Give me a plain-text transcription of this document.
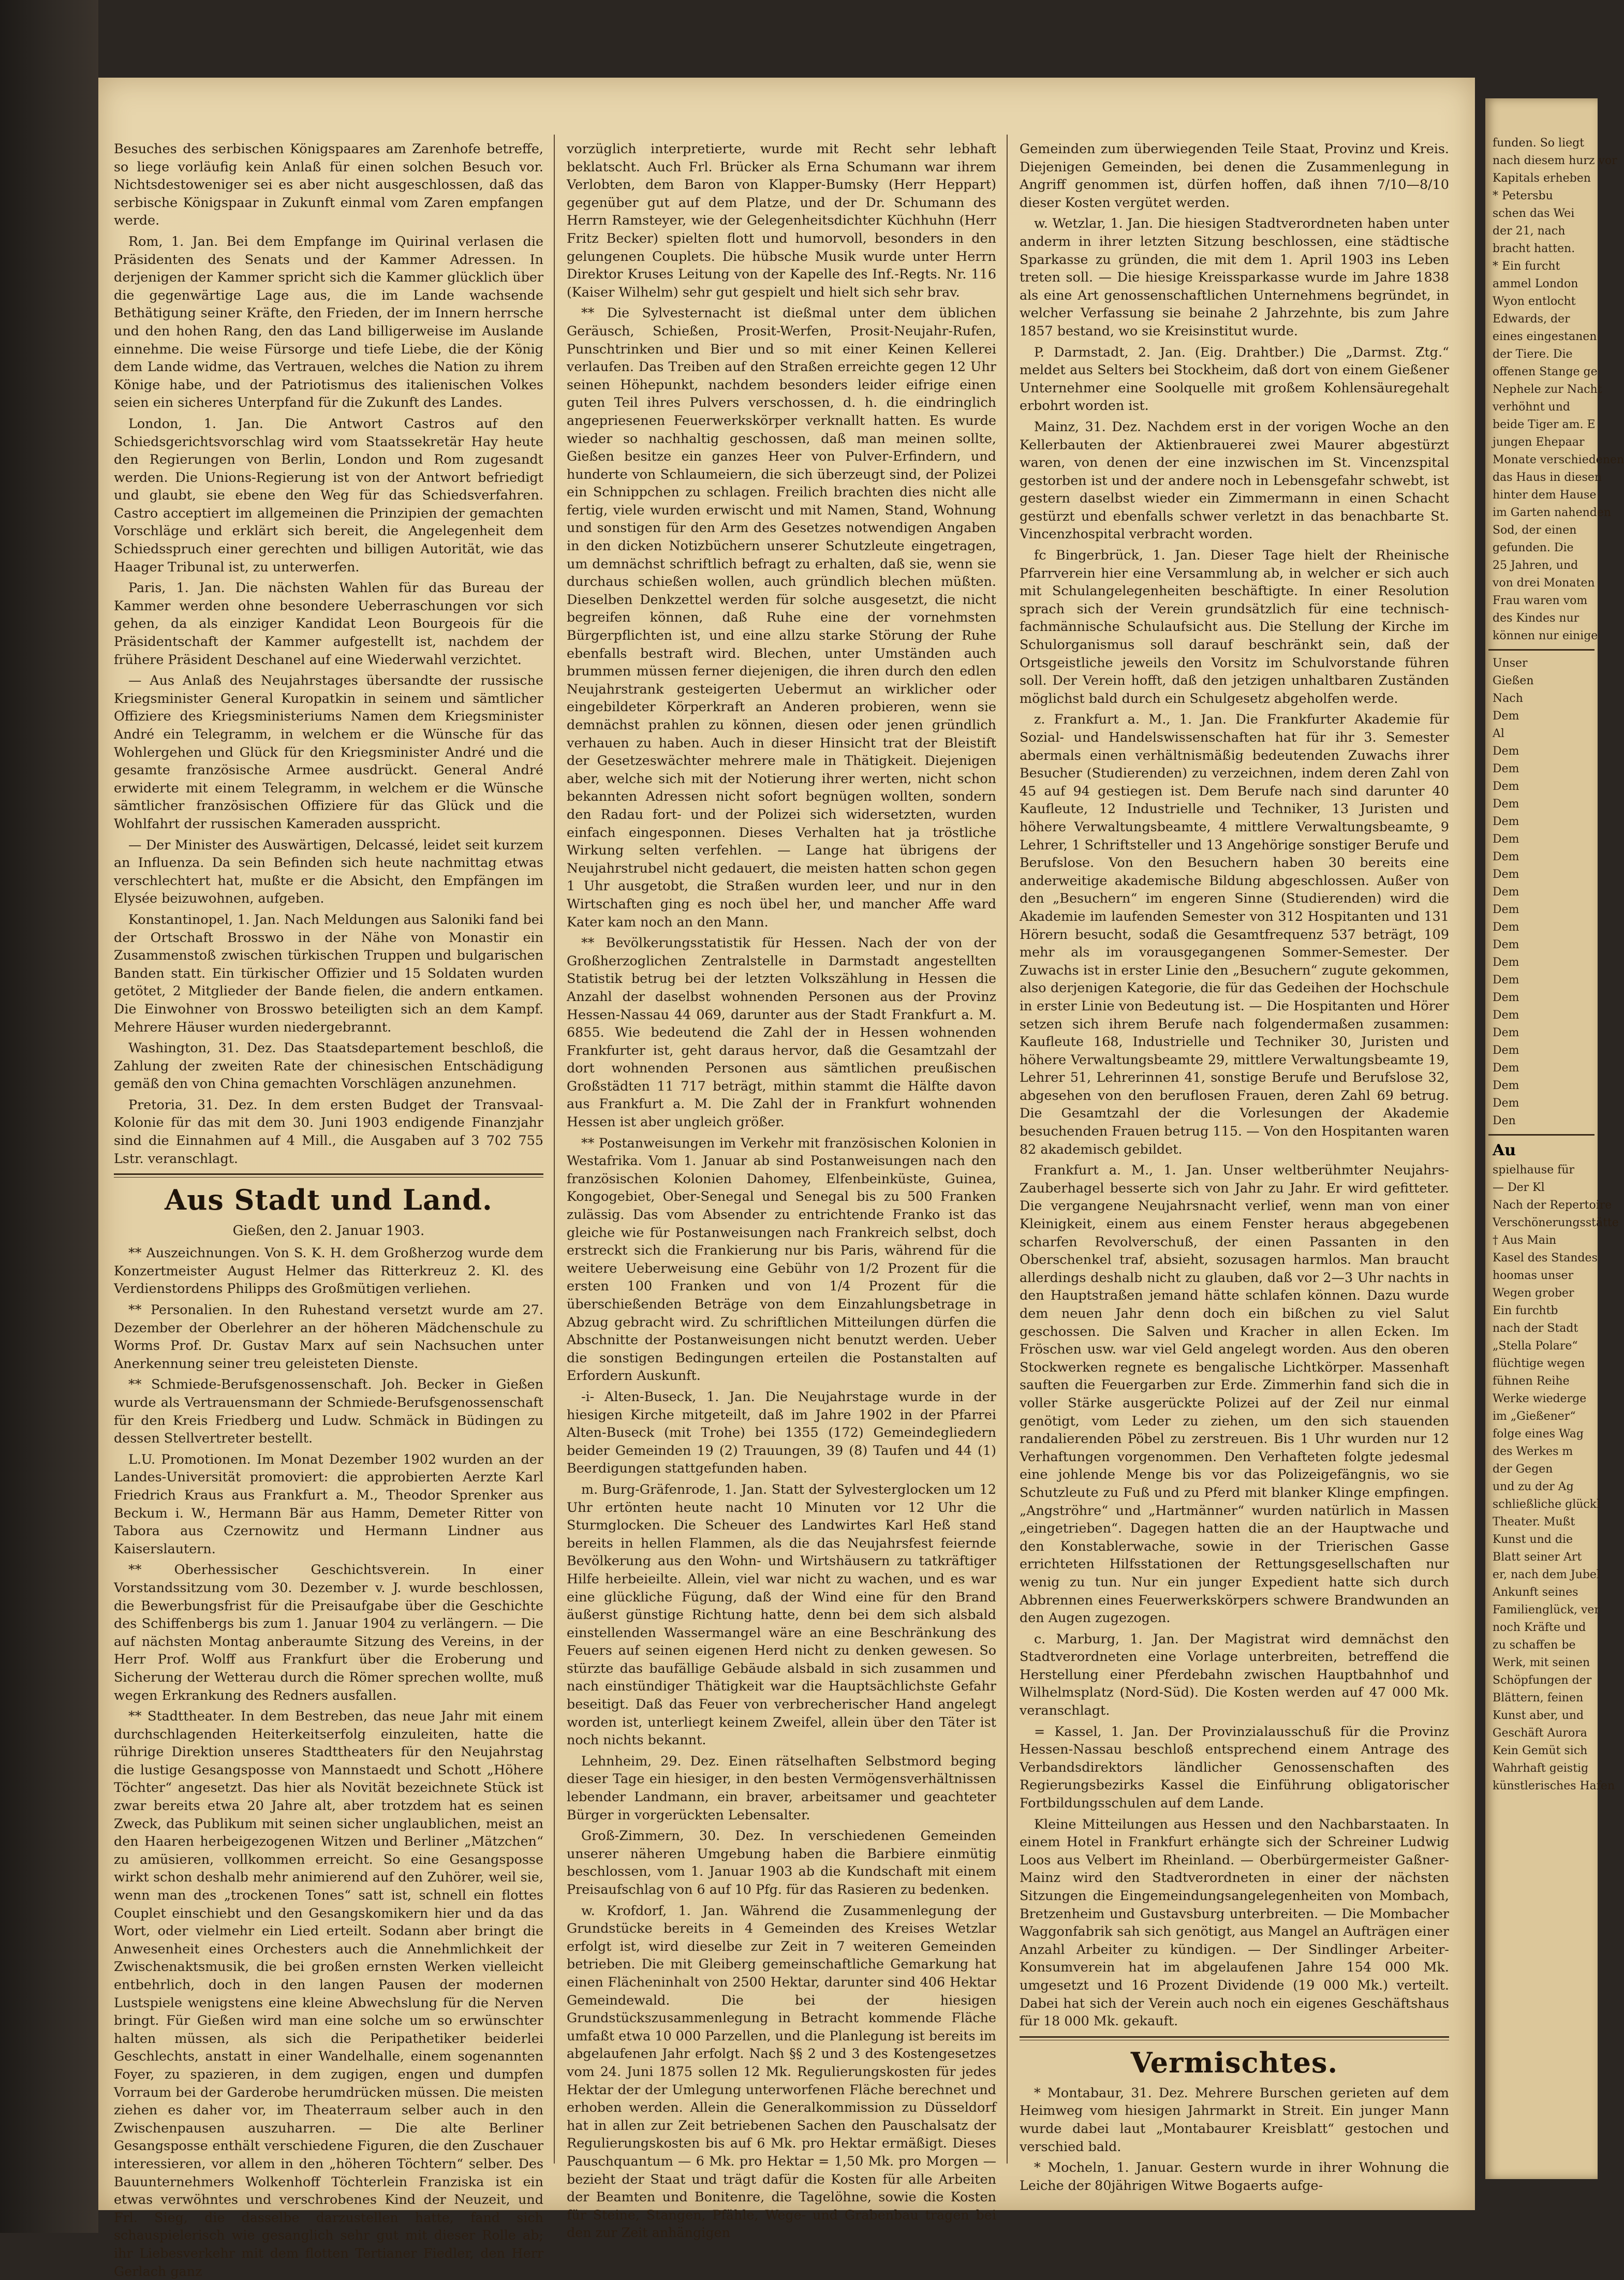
Besuches des serbischen Königspaares am Zarenhofe betreffe, so liege vorläufig kein Anlaß für einen solchen Besuch vor. Nichtsdestoweniger sei es aber nicht ausgeschlossen, daß das serbische Königspaar in Zukunft einmal vom Zaren empfangen werde.

Rom, 1. Jan. Bei dem Empfange im Quirinal verlasen die Präsidenten des Senats und der Kammer Adressen. In derjenigen der Kammer spricht sich die Kammer glücklich über die gegenwärtige Lage aus, die im Lande wachsende Bethätigung seiner Kräfte, den Frieden, der im Innern herrsche und den hohen Rang, den das Land billigerweise im Auslande einnehme. Die weise Fürsorge und tiefe Liebe, die der König dem Lande widme, das Vertrauen, welches die Nation zu ihrem Könige habe, und der Patriotismus des italienischen Volkes seien ein sicheres Unterpfand für die Zukunft des Landes.

London, 1. Jan. Die Antwort Castros auf den Schiedsgerichtsvorschlag wird vom Staatssekretär Hay heute den Regierungen von Berlin, London und Rom zugesandt werden. Die Unions-Regierung ist von der Antwort befriedigt und glaubt, sie ebene den Weg für das Schiedsverfahren. Castro acceptiert im allgemeinen die Prinzipien der gemachten Vorschläge und erklärt sich bereit, die Angelegenheit dem Schiedsspruch einer gerechten und billigen Autorität, wie das Haager Tribunal ist, zu unterwerfen.

Paris, 1. Jan. Die nächsten Wahlen für das Bureau der Kammer werden ohne besondere Ueberraschungen vor sich gehen, da als einziger Kandidat Leon Bourgeois für die Präsidentschaft der Kammer aufgestellt ist, nachdem der frühere Präsident Deschanel auf eine Wiederwahl verzichtet.

— Aus Anlaß des Neujahrstages übersandte der russische Kriegsminister General Kuropatkin in seinem und sämtlicher Offiziere des Kriegsministeriums Namen dem Kriegsminister André ein Telegramm, in welchem er die Wünsche für das Wohlergehen und Glück für den Kriegsminister André und die gesamte französische Armee ausdrückt. General André erwiderte mit einem Telegramm, in welchem er die Wünsche sämtlicher französischen Offiziere für das Glück und die Wohlfahrt der russischen Kameraden ausspricht.

— Der Minister des Auswärtigen, Delcassé, leidet seit kurzem an Influenza. Da sein Befinden sich heute nachmittag etwas verschlechtert hat, mußte er die Absicht, den Empfängen im Elysée beizuwohnen, aufgeben.

Konstantinopel, 1. Jan. Nach Meldungen aus Saloniki fand bei der Ortschaft Brosswo in der Nähe von Monastir ein Zusammenstoß zwischen türkischen Truppen und bulgarischen Banden statt. Ein türkischer Offizier und 15 Soldaten wurden getötet, 2 Mitglieder der Bande fielen, die andern entkamen. Die Einwohner von Brosswo beteiligten sich an dem Kampf. Mehrere Häuser wurden niedergebrannt.

Washington, 31. Dez. Das Staatsdepartement beschloß, die Zahlung der zweiten Rate der chinesischen Entschädigung gemäß den von China gemachten Vorschlägen anzunehmen.

Pretoria, 31. Dez. In dem ersten Budget der Transvaal-Kolonie für das mit dem 30. Juni 1903 endigende Finanzjahr sind die Einnahmen auf 4 Mill., die Ausgaben auf 3 702 755 Lstr. veranschlagt.

Aus Stadt und Land.
Gießen, den 2. Januar 1903.

** Auszeichnungen. Von S. K. H. dem Großherzog wurde dem Konzertmeister August Helmer das Ritterkreuz 2. Kl. des Verdienstordens Philipps des Großmütigen verliehen.

** Personalien. In den Ruhestand versetzt wurde am 27. Dezember der Oberlehrer an der höheren Mädchenschule zu Worms Prof. Dr. Gustav Marx auf sein Nachsuchen unter Anerkennung seiner treu geleisteten Dienste.

** Schmiede-Berufsgenossenschaft. Joh. Becker in Gießen wurde als Vertrauensmann der Schmiede-Berufsgenossenschaft für den Kreis Friedberg und Ludw. Schmäck in Büdingen zu dessen Stellvertreter bestellt.

L.U. Promotionen. Im Monat Dezember 1902 wurden an der Landes-Universität promoviert: die approbierten Aerzte Karl Friedrich Kraus aus Frankfurt a. M., Theodor Sprenker aus Beckum i. W., Hermann Bär aus Hamm, Demeter Ritter von Tabora aus Czernowitz und Hermann Lindner aus Kaiserslautern.

** Oberhessischer Geschichtsverein. In einer Vorstandssitzung vom 30. Dezember v. J. wurde beschlossen, die Bewerbungsfrist für die Preisaufgabe über die Geschichte des Schiffenbergs bis zum 1. Januar 1904 zu verlängern. — Die auf nächsten Montag anberaumte Sitzung des Vereins, in der Herr Prof. Wolff aus Frankfurt über die Eroberung und Sicherung der Wetterau durch die Römer sprechen wollte, muß wegen Erkrankung des Redners ausfallen.

** Stadttheater. In dem Bestreben, das neue Jahr mit einem durchschlagenden Heiterkeitserfolg einzuleiten, hatte die rührige Direktion unseres Stadttheaters für den Neujahrstag die lustige Gesangsposse von Mannstaedt und Schott „Höhere Töchter“ angesetzt. Das hier als Novität bezeichnete Stück ist zwar bereits etwa 20 Jahre alt, aber trotzdem hat es seinen Zweck, das Publikum mit seinen sicher unglaublichen, meist an den Haaren herbeigezogenen Witzen und Berliner „Mätzchen“ zu amüsieren, vollkommen erreicht. So eine Gesangsposse wirkt schon deshalb mehr animierend auf den Zuhörer, weil sie, wenn man des „trockenen Tones“ satt ist, schnell ein flottes Couplet einschiebt und den Gesangskomikern hier und da das Wort, oder vielmehr ein Lied erteilt. Sodann aber bringt die Anwesenheit eines Orchesters auch die Annehmlichkeit der Zwischenaktsmusik, die bei großen ernsten Werken vielleicht entbehrlich, doch in den langen Pausen der modernen Lustspiele wenigstens eine kleine Abwechslung für die Nerven bringt. Für Gießen wird man eine solche um so erwünschter halten müssen, als sich die Peripathetiker beiderlei Geschlechts, anstatt in einer Wandelhalle, einem sogenannten Foyer, zu spazieren, in dem zugigen, engen und dumpfen Vorraum bei der Garderobe herumdrücken müssen. Die meisten ziehen es daher vor, im Theaterraum selber auch in den Zwischenpausen auszuharren. — Die alte Berliner Gesangsposse enthält verschiedene Figuren, die den Zuschauer interessieren, vor allem in den „höheren Töchtern“ selber. Des Bauunternehmers Wolkenhoff Töchterlein Franziska ist ein etwas verwöhntes und verschrobenes Kind der Neuzeit, und Frl. Sieg, die dasselbe darzustellen hatte, fand sich schauspielerisch wie gesanglich sehr gut mit dieser Rolle ab; ihr Liebesverkehr mit dem flotten Tertianer Fiedler, den Herr Gerlach ganz

vorzüglich interpretierte, wurde mit Recht sehr lebhaft beklatscht. Auch Frl. Brücker als Erna Schumann war ihrem Verlobten, dem Baron von Klapper-Bumsky (Herr Heppart) gegenüber gut auf dem Platze, und der Dr. Schumann des Herrn Ramsteyer, wie der Gelegenheitsdichter Küchhuhn (Herr Fritz Becker) spielten flott und humorvoll, besonders in den gelungenen Couplets. Die hübsche Musik wurde unter Herrn Direktor Kruses Leitung von der Kapelle des Inf.-Regts. Nr. 116 (Kaiser Wilhelm) sehr gut gespielt und hielt sich sehr brav.

** Die Sylvesternacht ist dießmal unter dem üblichen Geräusch, Schießen, Prosit-Werfen, Prosit-Neujahr-Rufen, Punschtrinken und Bier und so mit einer Keinen Kellerei verlaufen. Das Treiben auf den Straßen erreichte gegen 12 Uhr seinen Höhepunkt, nachdem besonders leider eifrige einen guten Teil ihres Pulvers verschossen, d. h. die eindringlich angepriesenen Feuerwerkskörper verknallt hatten. Es wurde wieder so nachhaltig geschossen, daß man meinen sollte, Gießen besitze ein ganzes Heer von Pulver-Erfindern, und hunderte von Schlaumeiern, die sich überzeugt sind, der Polizei ein Schnippchen zu schlagen. Freilich brachten dies nicht alle fertig, viele wurden erwischt und mit Namen, Stand, Wohnung und sonstigen für den Arm des Gesetzes notwendigen Angaben in den dicken Notizbüchern unserer Schutzleute eingetragen, um demnächst schriftlich befragt zu erhalten, daß sie, wenn sie durchaus schießen wollen, auch gründlich blechen müßten. Dieselben Denkzettel werden für solche ausgesetzt, die nicht begreifen können, daß Ruhe eine der vornehmsten Bürgerpflichten ist, und eine allzu starke Störung der Ruhe ebenfalls bestraft wird. Blechen, unter Umständen auch brummen müssen ferner diejenigen, die ihren durch den edlen Neujahrstrank gesteigerten Uebermut an wirklicher oder eingebildeter Körperkraft an Anderen probieren, wenn sie demnächst prahlen zu können, diesen oder jenen gründlich verhauen zu haben. Auch in dieser Hinsicht trat der Bleistift der Gesetzeswächter mehrere male in Thätigkeit. Diejenigen aber, welche sich mit der Notierung ihrer werten, nicht schon bekannten Adressen nicht sofort begnügen wollten, sondern den Radau fort- und der Polizei sich widersetzten, wurden einfach eingesponnen. Dieses Verhalten hat ja tröstliche Wirkung selten verfehlen. — Lange hat übrigens der Neujahrstrubel nicht gedauert, die meisten hatten schon gegen 1 Uhr ausgetobt, die Straßen wurden leer, und nur in den Wirtschaften ging es noch übel her, und mancher Affe ward Kater kam noch an den Mann.

** Bevölkerungsstatistik für Hessen. Nach der von der Großherzoglichen Zentralstelle in Darmstadt angestellten Statistik betrug bei der letzten Volkszählung in Hessen die Anzahl der daselbst wohnenden Personen aus der Provinz Hessen-Nassau 44 069, darunter aus der Stadt Frankfurt a. M. 6855. Wie bedeutend die Zahl der in Hessen wohnenden Frankfurter ist, geht daraus hervor, daß die Gesamtzahl der dort wohnenden Personen aus sämtlichen preußischen Großstädten 11 717 beträgt, mithin stammt die Hälfte davon aus Frankfurt a. M. Die Zahl der in Frankfurt wohnenden Hessen ist aber ungleich größer.

** Postanweisungen im Verkehr mit französischen Kolonien in Westafrika. Vom 1. Januar ab sind Postanweisungen nach den französischen Kolonien Dahomey, Elfenbeinküste, Guinea, Kongogebiet, Ober-Senegal und Senegal bis zu 500 Franken zulässig. Das vom Absender zu entrichtende Franko ist das gleiche wie für Postanweisungen nach Frankreich selbst, doch erstreckt sich die Frankierung nur bis Paris, während für die weitere Ueberweisung eine Gebühr von 1/2 Prozent für die ersten 100 Franken und von 1/4 Prozent für die überschießenden Beträge von dem Einzahlungsbetrage in Abzug gebracht wird. Zu schriftlichen Mitteilungen dürfen die Abschnitte der Postanweisungen nicht benutzt werden. Ueber die sonstigen Bedingungen erteilen die Postanstalten auf Erfordern Auskunft.

-i- Alten-Buseck, 1. Jan. Die Neujahrstage wurde in der hiesigen Kirche mitgeteilt, daß im Jahre 1902 in der Pfarrei Alten-Buseck (mit Trohe) bei 1355 (172) Gemeindegliedern beider Gemeinden 19 (2) Trauungen, 39 (8) Taufen und 44 (1) Beerdigungen stattgefunden haben.

m. Burg-Gräfenrode, 1. Jan. Statt der Sylvesterglocken um 12 Uhr ertönten heute nacht 10 Minuten vor 12 Uhr die Sturmglocken. Die Scheuer des Landwirtes Karl Heß stand bereits in hellen Flammen, als die das Neujahrsfest feiernde Bevölkerung aus den Wohn- und Wirtshäusern zu tatkräftiger Hilfe herbeieilte. Allein, viel war nicht zu wachen, und es war eine glückliche Fügung, daß der Wind eine für den Brand äußerst günstige Richtung hatte, denn bei dem sich alsbald einstellenden Wassermangel wäre an eine Beschränkung des Feuers auf seinen eigenen Herd nicht zu denken gewesen. So stürzte das baufällige Gebäude alsbald in sich zusammen und nach einstündiger Thätigkeit war die Hauptsächlichste Gefahr beseitigt. Daß das Feuer von verbrecherischer Hand angelegt worden ist, unterliegt keinem Zweifel, allein über den Täter ist noch nichts bekannt.

Lehnheim, 29. Dez. Einen rätselhaften Selbstmord beging dieser Tage ein hiesiger, in den besten Vermögensverhältnissen lebender Landmann, ein braver, arbeitsamer und geachteter Bürger in vorgerückten Lebensalter.

Groß-Zimmern, 30. Dez. In verschiedenen Gemeinden unserer näheren Umgebung haben die Barbiere einmütig beschlossen, vom 1. Januar 1903 ab die Kundschaft mit einem Preisaufschlag von 6 auf 10 Pfg. für das Rasieren zu bedenken.

w. Krofdorf, 1. Jan. Während die Zusammenlegung der Grundstücke bereits in 4 Gemeinden des Kreises Wetzlar erfolgt ist, wird dieselbe zur Zeit in 7 weiteren Gemeinden betrieben. Die mit Gleiberg gemeinschaftliche Gemarkung hat einen Flächeninhalt von 2500 Hektar, darunter sind 406 Hektar Gemeindewald. Die bei der hiesigen Grundstückszusammenlegung in Betracht kommende Fläche umfaßt etwa 10 000 Parzellen, und die Planlegung ist bereits im abgelaufenen Jahr erfolgt. Nach §§ 2 und 3 des Kostengesetzes vom 24. Juni 1875 sollen 12 Mk. Regulierungskosten für jedes Hektar der der Umlegung unterworfenen Fläche berechnet und erhoben werden. Allein die Generalkommission zu Düsseldorf hat in allen zur Zeit betriebenen Sachen den Pauschalsatz der Regulierungskosten bis auf 6 Mk. pro Hektar ermäßigt. Dieses Pauschquantum — 6 Mk. pro Hektar = 1,50 Mk. pro Morgen — bezieht der Staat und trägt dafür die Kosten für alle Arbeiten der Beamten und Bonitenre, die Tagelöhne, sowie die Kosten für Steine, Stangen, Pfähle, Wege- und Grabenbau tragen bei den zur Zeit anhängigen

Gemeinden zum überwiegenden Teile Staat, Provinz und Kreis. Diejenigen Gemeinden, bei denen die Zusammenlegung in Angriff genommen ist, dürfen hoffen, daß ihnen 7/10—8/10 dieser Kosten vergütet werden.

w. Wetzlar, 1. Jan. Die hiesigen Stadtverordneten haben unter anderm in ihrer letzten Sitzung beschlossen, eine städtische Sparkasse zu gründen, die mit dem 1. April 1903 ins Leben treten soll. — Die hiesige Kreissparkasse wurde im Jahre 1838 als eine Art genossenschaftlichen Unternehmens begründet, in welcher Verfassung sie beinahe 2 Jahrzehnte, bis zum Jahre 1857 bestand, wo sie Kreisinstitut wurde.

P. Darmstadt, 2. Jan. (Eig. Drahtber.) Die „Darmst. Ztg.“ meldet aus Selters bei Stockheim, daß dort von einem Gießener Unternehmer eine Soolquelle mit großem Kohlensäuregehalt erbohrt worden ist.

Mainz, 31. Dez. Nachdem erst in der vorigen Woche an den Kellerbauten der Aktienbrauerei zwei Maurer abgestürzt waren, von denen der eine inzwischen im St. Vincenzspital gestorben ist und der andere noch in Lebensgefahr schwebt, ist gestern daselbst wieder ein Zimmermann in einen Schacht gestürzt und ebenfalls schwer verletzt in das benachbarte St. Vincenzhospital verbracht worden.

fc Bingerbrück, 1. Jan. Dieser Tage hielt der Rheinische Pfarrverein hier eine Versammlung ab, in welcher er sich auch mit Schulangelegenheiten beschäftigte. In einer Resolution sprach sich der Verein grundsätzlich für eine technisch-fachmännische Schulaufsicht aus. Die Stellung der Kirche im Schulorganismus soll darauf beschränkt sein, daß der Ortsgeistliche jeweils den Vorsitz im Schulvorstande führen soll. Der Verein hofft, daß den jetzigen unhaltbaren Zuständen möglichst bald durch ein Schulgesetz abgeholfen werde.

z. Frankfurt a. M., 1. Jan. Die Frankfurter Akademie für Sozial- und Handelswissenschaften hat für ihr 3. Semester abermals einen verhältnismäßig bedeutenden Zuwachs ihrer Besucher (Studierenden) zu verzeichnen, indem deren Zahl von 45 auf 94 gestiegen ist. Dem Berufe nach sind darunter 40 Kaufleute, 12 Industrielle und Techniker, 13 Juristen und höhere Verwaltungsbeamte, 4 mittlere Verwaltungsbeamte, 9 Lehrer, 1 Schriftsteller und 13 Angehörige sonstiger Berufe und Berufslose. Von den Besuchern haben 30 bereits eine anderweitige akademische Bildung abgeschlossen. Außer von den „Besuchern“ im engeren Sinne (Studierenden) wird die Akademie im laufenden Semester von 312 Hospitanten und 131 Hörern besucht, sodaß die Gesamtfrequenz 537 beträgt, 109 mehr als im vorausgegangenen Sommer-Semester. Der Zuwachs ist in erster Linie den „Besuchern“ zugute gekommen, also derjenigen Kategorie, die für das Gedeihen der Hochschule in erster Linie von Bedeutung ist. — Die Hospitanten und Hörer setzen sich ihrem Berufe nach folgendermaßen zusammen: Kaufleute 168, Industrielle und Techniker 30, Juristen und höhere Verwaltungsbeamte 29, mittlere Verwaltungsbeamte 19, Lehrer 51, Lehrerinnen 41, sonstige Berufe und Berufslose 32, abgesehen von den beruflosen Frauen, deren Zahl 69 betrug. Die Gesamtzahl der die Vorlesungen der Akademie besuchenden Frauen betrug 115. — Von den Hospitanten waren 82 akademisch gebildet.

Frankfurt a. M., 1. Jan. Unser weltberühmter Neujahrs-Zauberhagel besserte sich von Jahr zu Jahr. Er wird gefitteter. Die vergangene Neujahrsnacht verlief, wenn man von einer Kleinigkeit, einem aus einem Fenster heraus abgegebenen scharfen Revolverschuß, der einen Passanten in den Oberschenkel traf, absieht, sozusagen harmlos. Man braucht allerdings deshalb nicht zu glauben, daß vor 2—3 Uhr nachts in den Hauptstraßen jemand hätte schlafen können. Dazu wurde dem neuen Jahr denn doch ein bißchen zu viel Salut geschossen. Die Salven und Kracher in allen Ecken. Im Fröschen usw. war viel Geld angelegt worden. Aus den oberen Stockwerken regnete es bengalische Lichtkörper. Massenhaft sauften die Feuergarben zur Erde. Zimmerhin fand sich die in voller Stärke ausgerückte Polizei auf der Zeil nur einmal genötigt, vom Leder zu ziehen, um den sich stauenden randalierenden Pöbel zu zerstreuen. Bis 1 Uhr wurden nur 12 Verhaftungen vorgenommen. Den Verhafteten folgte jedesmal eine johlende Menge bis vor das Polizeigefängnis, wo sie Schutzleute zu Fuß und zu Pferd mit blanker Klinge empfingen. „Angströhre“ und „Hartmänner“ wurden natürlich in Massen „eingetrieben“. Dagegen hatten die an der Hauptwache und den Konstablerwache, sowie in der Trierischen Gasse errichteten Hilfsstationen der Rettungsgesellschaften nur wenig zu tun. Nur ein junger Expedient hatte sich durch Abbrennen eines Feuerwerkskörpers schwere Brandwunden an den Augen zugezogen.

c. Marburg, 1. Jan. Der Magistrat wird demnächst den Stadtverordneten eine Vorlage unterbreiten, betreffend die Herstellung einer Pferdebahn zwischen Hauptbahnhof und Wilhelmsplatz (Nord-Süd). Die Kosten werden auf 47 000 Mk. veranschlagt.

= Kassel, 1. Jan. Der Provinzialausschuß für die Provinz Hessen-Nassau beschloß entsprechend einem Antrage des Verbandsdirektors ländlicher Genossenschaften des Regierungsbezirks Kassel die Einführung obligatorischer Fortbildungsschulen auf dem Lande.

Kleine Mitteilungen aus Hessen und den Nachbarstaaten. In einem Hotel in Frankfurt erhängte sich der Schreiner Ludwig Loos aus Velbert im Rheinland. — Oberbürgermeister Gaßner-Mainz wird den Stadtverordneten in einer der nächsten Sitzungen die Eingemeindungsangelegenheiten von Mombach, Bretzenheim und Gustavsburg unterbreiten. — Die Mombacher Waggonfabrik sah sich genötigt, aus Mangel an Aufträgen einer Anzahl Arbeiter zu kündigen. — Der Sindlinger Arbeiter-Konsumverein hat im abgelaufenen Jahre 154 000 Mk. umgesetzt und 16 Prozent Dividende (19 000 Mk.) verteilt. Dabei hat sich der Verein auch noch ein eigenes Geschäftshaus für 18 000 Mk. gekauft.

Vermischtes.

* Montabaur, 31. Dez. Mehrere Burschen gerieten auf dem Heimweg vom hiesigen Jahrmarkt in Streit. Ein junger Mann wurde dabei laut „Montabaurer Kreisblatt“ gestochen und verschied bald.

* Mocheln, 1. Januar. Gestern wurde in ihrer Wohnung die Leiche der 80jährigen Witwe Bogaerts aufge-

funden. So liegt
nach diesem hurz vor
Kapitals erheben
* Petersbu
schen das Wei
der 21, nach
bracht hatten.
* Ein furcht
ammel London
Wyon entlocht
Edwards, der
eines eingestanen
der Tiere. Die
offenen Stange ge
Nephele zur Nacht
verhöhnt und
beide Tiger am. E
jungen Ehepaar
Monate verschiedenen
das Haus in diesen
hinter dem Hause
im Garten nahenden
Sod, der einen
gefunden. Die
25 Jahren, und
von drei Monaten
Frau waren vom
des Kindes nur
können nur einige
Unser
Gießen
Nach
Dem
Al
Dem
Dem
Dem
Dem
Dem
Dem
Dem
Dem
Dem
Dem
Dem
Dem
Dem
Dem
Dem
Dem
Dem
Dem
Dem
Dem
Dem
Den
Au
spielhause für
— Der Kl
Nach der Repertoire
Verschönerungsstätte
† Aus Main
Kasel des Standes
hoomas unser
Wegen grober
Ein furchtb
nach der Stadt
„Stella Polare“
flüchtige wegen
fühnen Reihe
Werke wiederge
im „Gießener“
folge eines Wag
des Werkes m
der Gegen
und zu der Ag
schließliche glückl
Theater. Mußt
Kunst und die
Blatt seiner Art
er, nach dem Jubel
Ankunft seines
Familienglück, ver
noch Kräfte und
zu schaffen be
Werk, mit seinen
Schöpfungen der
Blättern, feinen
Kunst aber, und
Geschäft Aurora
Kein Gemüt sich
Wahrhaft geistig
künstlerisches Hafen
